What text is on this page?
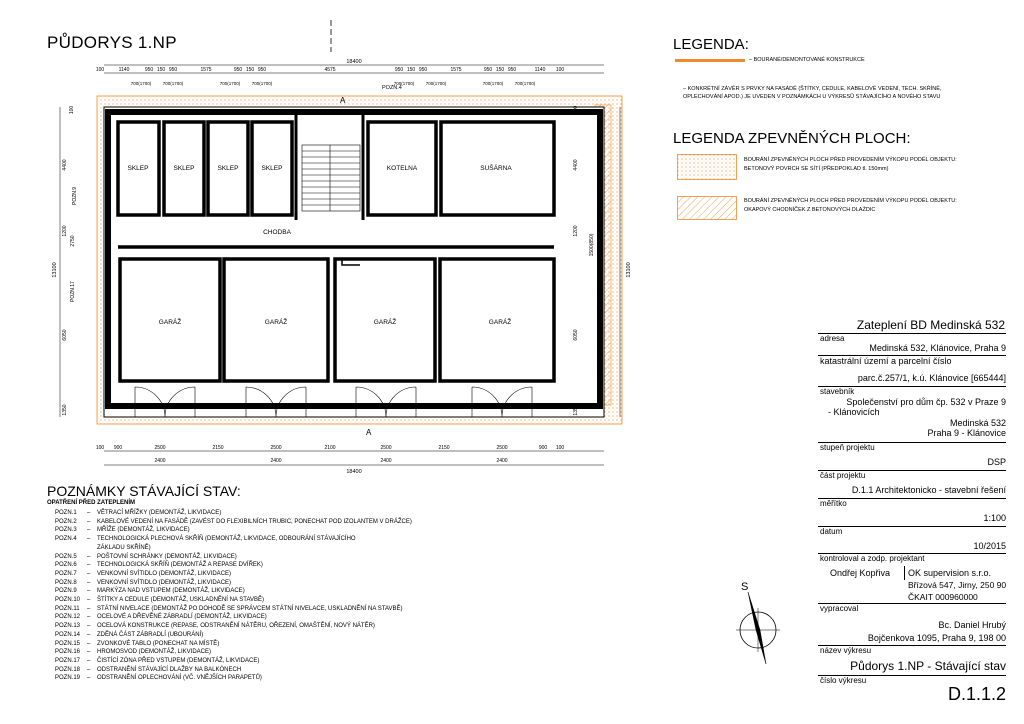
PŮDORYS 1.NP
SKLEP	SKLEP	SKLEP	SKLEP	KOTELNA	SUŠÁRNA
CHODBA
GARÁŽ	GARÁŽ	GARÁŽ	GARÁŽ
POZN.4
POZN.9
POZN.17
A
A
18400
18400
13100	13100
100	1140	950 150 950	1575	950 150 950	4575	950 150 950	1575	950 150 950	1140 100
700(1700)	700(1700)	700(1700)	700(1700)	700(1700)	700(1700)	700(1700)	700(1700)
100 900	2500	2150	2500	2100	2500	2150	2500	900 100
2400	2400	2400	2400
100
4400
1200
2750
6050
1350
100
4400
1200
1500(850)
6050
1350
LEGENDA:
– BOURANÉ/DEMONTOVANÉ KONSTRUKCE
– KONKRÉTNÍ ZÁVĚR S PRVKY NA FASÁDĚ (ŠTÍTKY, CEDULE, KABELOVÉ VEDENÍ, TECH. SKŘÍNĚ,
OPLECHOVÁNÍ APOD.) JE UVEDEN V POZNÁMKÁCH U VÝKRESŮ STÁVAJÍCÍHO A NOVÉHO STAVU
LEGENDA ZPEVNĚNÝCH PLOCH:
BOURÁNÍ ZPEVNĚNÝCH PLOCH PŘED PROVEDENÍM VÝKOPU PODÉL OBJEKTU:
BETONOVÝ POVRCH SE SÍTÍ (PŘEDPOKLAD tl. 150mm)
BOURÁNÍ ZPEVNĚNÝCH PLOCH PŘED PROVEDENÍM VÝKOPU PODÉL OBJEKTU:
OKAPOVÝ CHODNÍČEK Z BETONOVÝCH DLAŽDIC
POZNÁMKY STÁVAJÍCÍ STAV:
OPATŘENÍ PŘED ZATEPLENÍM
POZN.1 – VĚTRACÍ MŘÍŽKY (DEMONTÁŽ, LIKVIDACE)
POZN.2 – KABELOVÉ VEDENÍ NA FASÁDĚ (ZAVÉST DO FLEXIBILNÍCH TRUBIC, PONECHAT POD IZOLANTEM V DRÁŽCE)
POZN.3 – MŘÍŽE (DEMONTÁŽ, LIKVIDACE)
POZN.4 – TECHNOLOGICKÁ PLECHOVÁ SKŘÍŇ (DEMONTÁŽ, LIKVIDACE, ODBOURÁNÍ STÁVAJÍCÍHO
ZÁKLADU SKŘÍNĚ)
POZN.5 – POŠTOVNÍ SCHRÁNKY (DEMONTÁŽ, LIKVIDACE)
POZN.6 – TECHNOLOGICKÁ SKŘÍŇ (DEMONTÁŽ A REPASE DVÍŘEK)
POZN.7 – VENKOVNÍ SVÍTIDLO (DEMONTÁŽ, LIKVIDACE)
POZN.8 – VENKOVNÍ SVÍTIDLO (DEMONTÁŽ, LIKVIDACE)
POZN.9 – MARKÝZA NAD VSTUPEM (DEMONTÁŽ, LIKVIDACE)
POZN.10 – ŠTÍTKY A CEDULE (DEMONTÁŽ, USKLADNĚNÍ NA STAVBĚ)
POZN.11 – STÁTNÍ NIVELACE (DEMONTÁŽ PO DOHODĚ SE SPRÁVCEM STÁTNÍ NIVELACE, USKLADNĚNÍ NA STAVBĚ)
POZN.12 – OCELOVÉ A DŘEVĚNÉ ZÁBRADLÍ (DEMONTÁŽ, LIKVIDACE)
POZN.13 – OCELOVÁ KONSTRUKCE (REPASE, ODSTRANĚNÍ NÁTĚRU, OŘEZENÍ, OMAŠTĚNÍ, NOVÝ NÁTĚR)
POZN.14 – ZDĚNÁ ČÁST ZÁBRADLÍ (UBOURÁNÍ)
POZN.15 – ZVONKOVÉ TABLO (PONECHAT NA MÍSTĚ)
POZN.16 – HROMOSVOD (DEMONTÁŽ, LIKVIDACE)
POZN.17 – ČISTÍCÍ ZÓNA PŘED VSTUPEM (DEMONTÁŽ, LIKVIDACE)
POZN.18 – ODSTRANĚNÍ STÁVAJÍCÍ DLAŽBY NA BALKÓNECH
POZN.19 – ODSTRANĚNÍ OPLECHOVÁNÍ (VČ. VNĚJŠÍCH PARAPETŮ)
Zateplení BD Medinská 532
adresa
Medinská 532, Klánovice, Praha 9
katastrální území a parcelní číslo
parc.č.257/1, k.ú. Klánovice [665444]
stavebník
Společenství pro dům čp. 532 v Praze 9
- Klánovicích
Medinská 532
Praha 9 - Klánovice
stupeň projektu
DSP
část projektu
D.1.1 Architektonicko - stavební řešení
měřítko
1:100
datum
10/2015
kontroloval a zodp. projektant
Ondřej Kopřiva OK supervision s.r.o.
Břízová 547, Jirny, 250 90
ČKAIT 000960000
vypracoval
Bc. Daniel Hrubý
Bojčenkova 1095, Praha 9, 198 00
název výkresu
Půdorys 1.NP - Stávající stav
číslo výkresu
D.1.1.2
S
